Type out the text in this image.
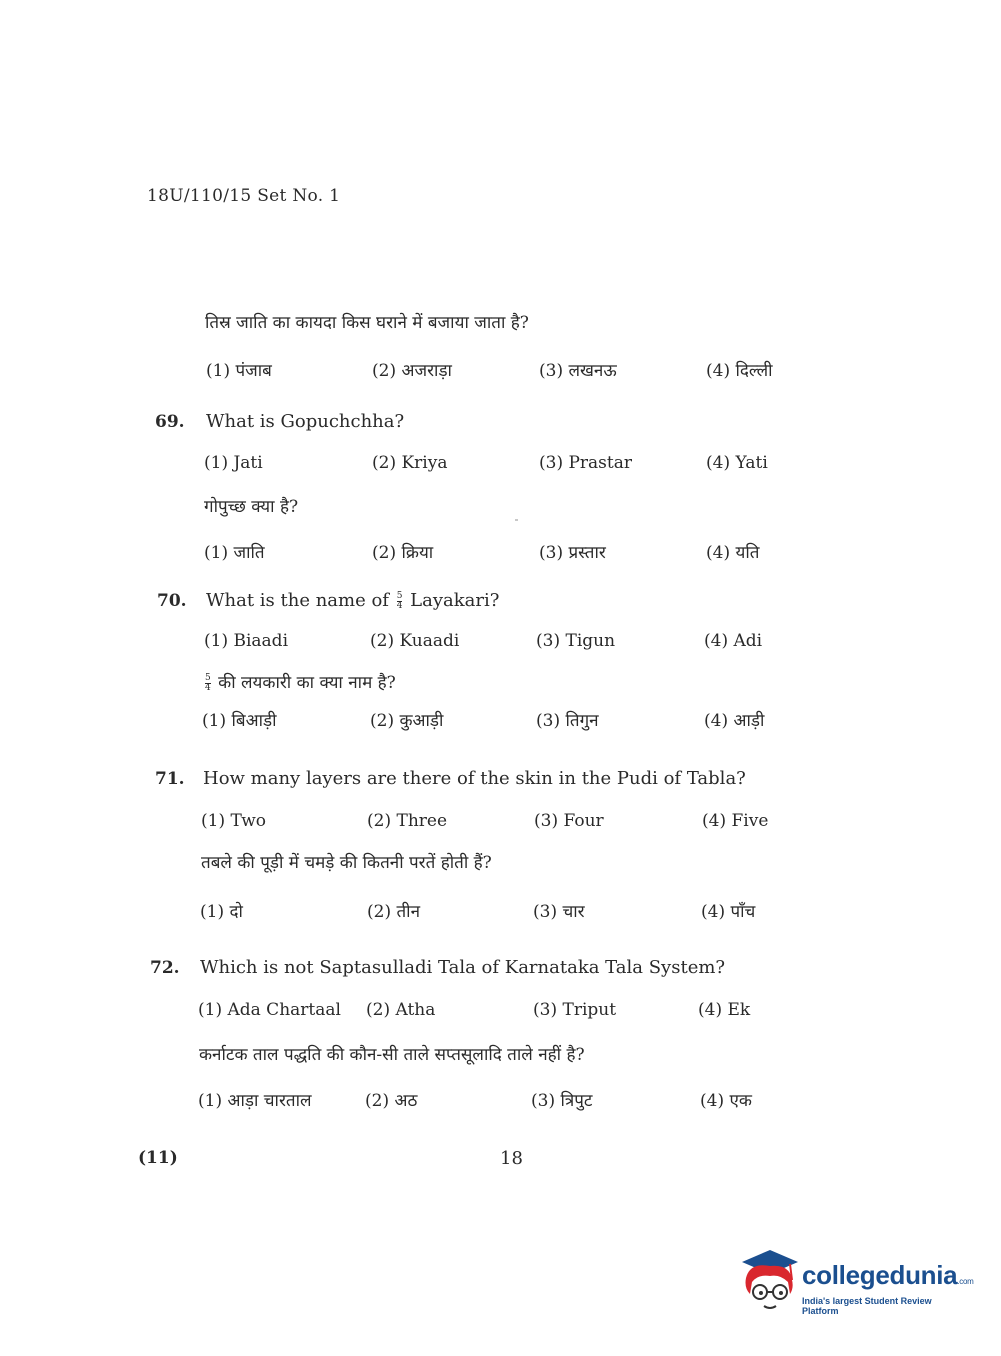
18U/110/15 Set No. 1
तिस्र जाति का कायदा किस घराने में बजाया जाता है?
(1) पंजाब	(2) अजराड़ा	(3) लखनऊ	(4) दिल्ली
69. What is Gopuchchha?
(1) Jati	(2) Kriya	(3) Prastar	(4) Yati
गोपुच्छ क्या है?
(1) जाति	(2) क्रिया	(3) प्रस्तार	(4) यति
70. What is the name of $\frac{5}{4}$ Layakari?
(1) Biaadi	(2) Kuaadi	(3) Tigun	(4) Adi
$\frac{5}{4}$ की लयकारी का क्या नाम है?
(1) बिआड़ी	(2) कुआड़ी	(3) तिगुन	(4) आड़ी
71. How many layers are there of the skin in the Pudi of Tabla?
(1) Two	(2) Three	(3) Four	(4) Five
तबले की पूड़ी में चमड़े की कितनी परतें होती हैं?
(1) दो	(2) तीन	(3) चार	(4) पाँच
72. Which is not Saptasulladi Tala of Karnataka Tala System?
(1) Ada Chartaal (2) Atha	(3) Triput	(4) Ek
कर्नाटक ताल पद्धति की कौन-सी ताले सप्तसूलादि ताले नहीं है?
(1) आड़ा चारताल	(2) अठ	(3) त्रिपुट	(4) एक
(11)	18
collegedunia.com
India's largest Student Review Platform
